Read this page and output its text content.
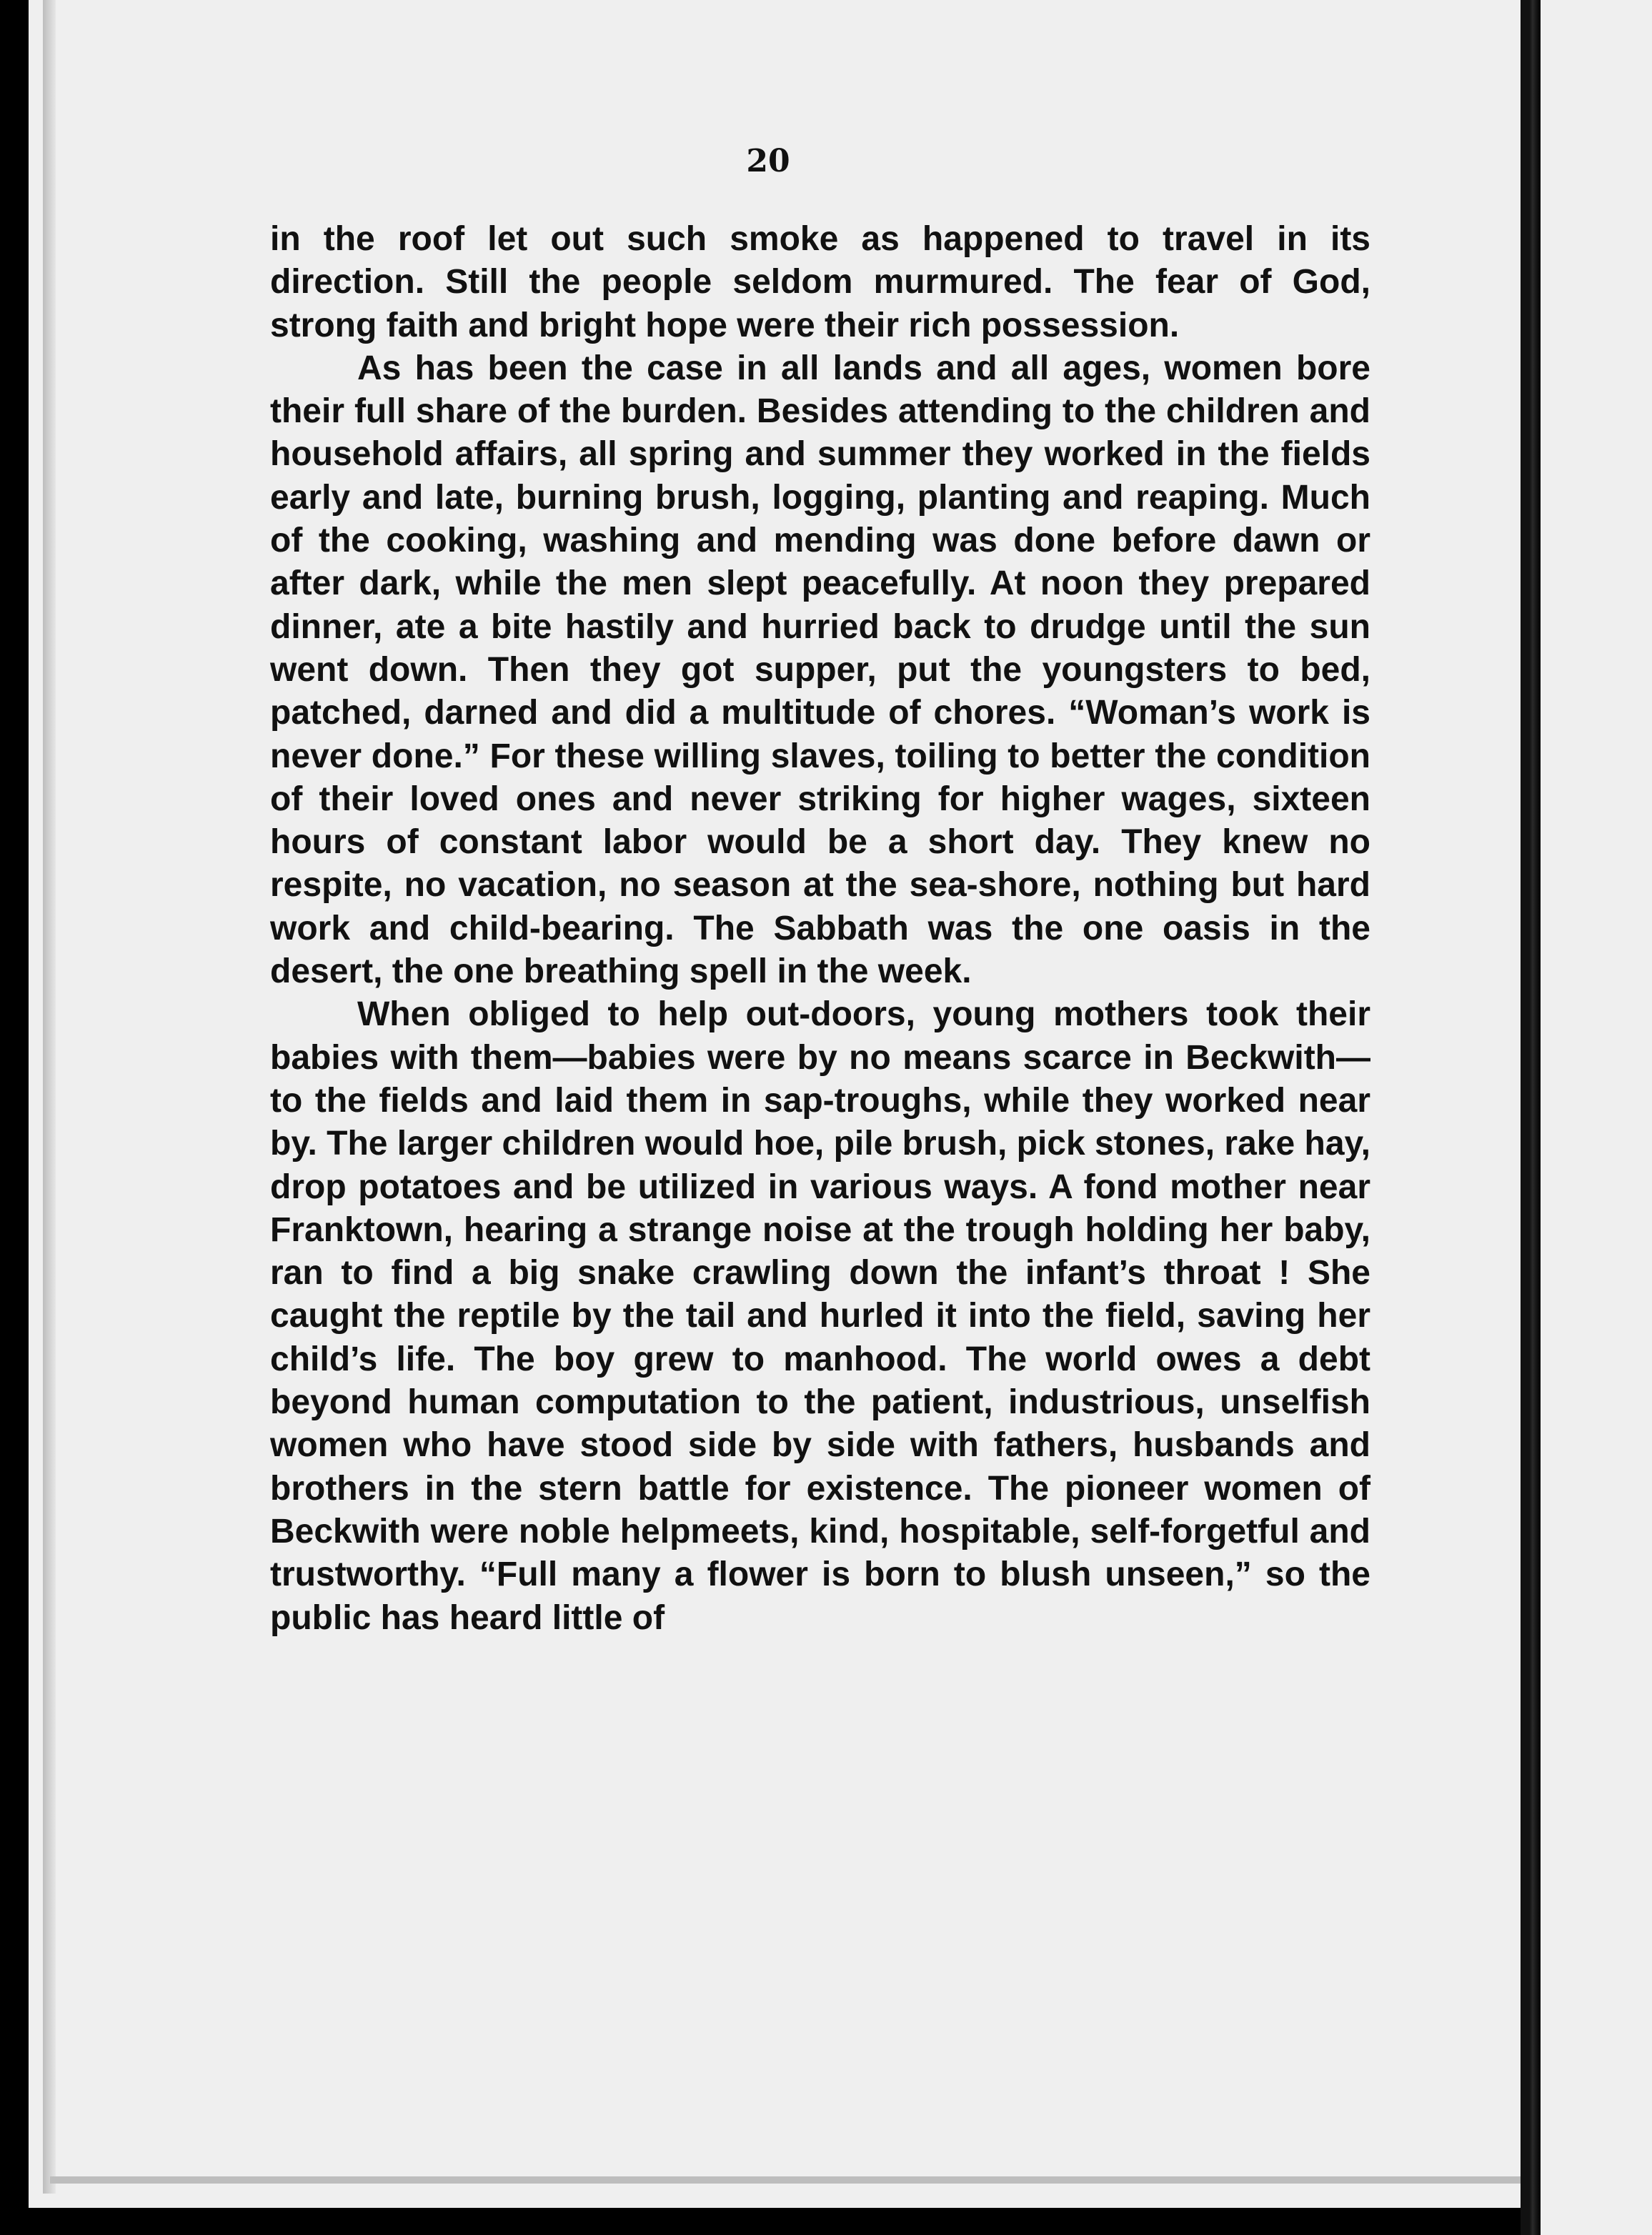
20

in the roof let out such smoke as happened to travel in its direction. Still the people seldom murmured. The fear of God, strong faith and bright hope were their rich possession.

As has been the case in all lands and all ages, women bore their full share of the burden. Besides attending to the children and household affairs, all spring and summer they worked in the fields early and late, burning brush, logging, planting and reaping. Much of the cooking, washing and mending was done before dawn or after dark, while the men slept peacefully. At noon they prepared dinner, ate a bite hastily and hurried back to drudge until the sun went down. Then they got supper, put the youngsters to bed, patched, darned and did a multitude of chores. “Woman’s work is never done.” For these willing slaves, toiling to better the condition of their loved ones and never striking for higher wages, sixteen hours of constant labor would be a short day. They knew no respite, no vacation, no season at the sea-shore, nothing but hard work and child-bearing. The Sabbath was the one oasis in the desert, the one breathing spell in the week.

When obliged to help out-doors, young mothers took their babies with them—babies were by no means scarce in Beckwith—to the fields and laid them in sap-troughs, while they worked near by. The larger children would hoe, pile brush, pick stones, rake hay, drop potatoes and be utilized in various ways. A fond mother near Franktown, hearing a strange noise at the trough holding her baby, ran to find a big snake crawling down the infant’s throat ! She caught the reptile by the tail and hurled it into the field, saving her child’s life. The boy grew to manhood. The world owes a debt beyond human computation to the patient, industrious, unselfish women who have stood side by side with fathers, husbands and brothers in the stern battle for existence. The pioneer women of Beckwith were noble helpmeets, kind, hospitable, self-forgetful and trustworthy. “Full many a flower is born to blush unseen,” so the public has heard little of
